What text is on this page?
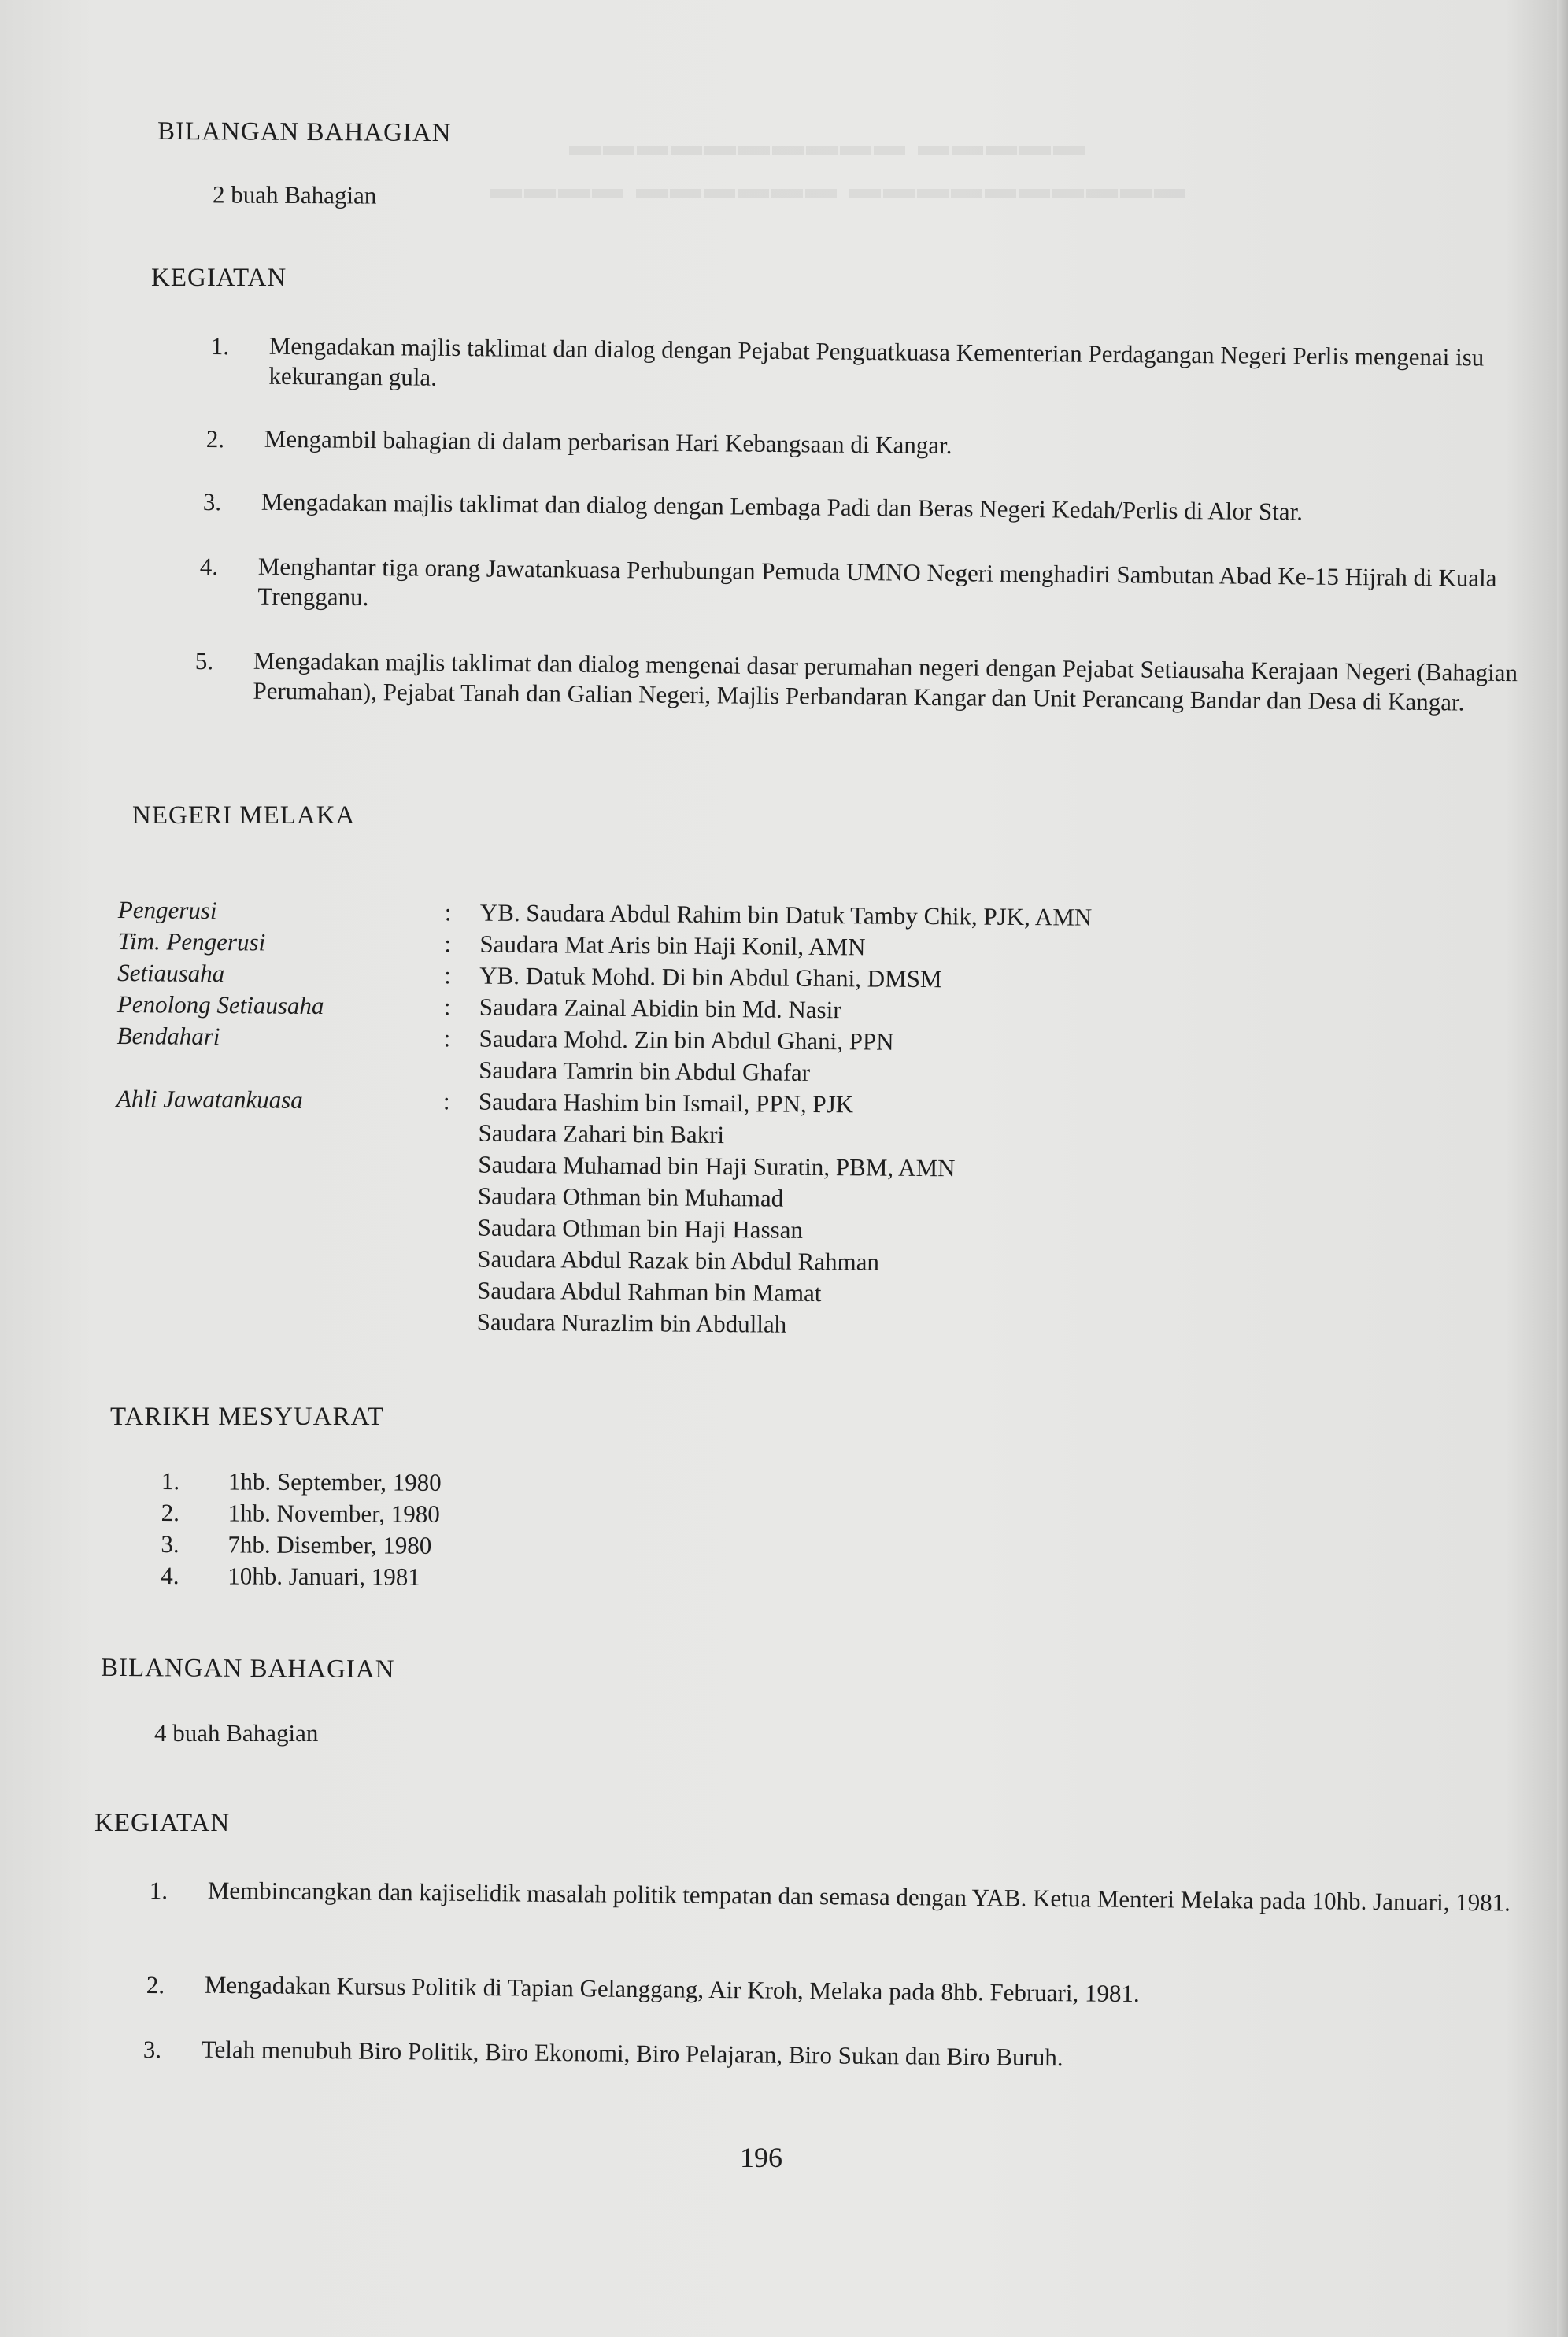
▬▬▬▬▬ ▬▬▬▬▬▬▬▬▬▬
▬▬▬▬▬▬▬▬▬▬ ▬▬▬▬▬▬ ▬▬▬▬
BILANGAN BAHAGIAN
2 buah Bahagian
KEGIATAN
1. Mengadakan majlis taklimat dan dialog dengan Pejabat Penguatkuasa Kementerian Perdagangan Negeri Perlis mengenai isu kekurangan gula.
2. Mengambil bahagian di dalam perbarisan Hari Kebangsaan di Kangar.
3. Mengadakan majlis taklimat dan dialog dengan Lembaga Padi dan Beras Negeri Kedah/Perlis di Alor Star.
4. Menghantar tiga orang Jawatankuasa Perhubungan Pemuda UMNO Negeri menghadiri Sambutan Abad Ke-15 Hijrah di Kuala Trengganu.
5. Mengadakan majlis taklimat dan dialog mengenai dasar perumahan negeri dengan Pejabat Setiausaha Kerajaan Negeri (Bahagian Perumahan), Pejabat Tanah dan Galian Negeri, Majlis Perbandaran Kangar dan Unit Perancang Bandar dan Desa di Kangar.
NEGERI MELAKA
Pengerusi	: YB. Saudara Abdul Rahim bin Datuk Tamby Chik, PJK, AMN
Tim. Pengerusi	: Saudara Mat Aris bin Haji Konil, AMN
Setiausaha	: YB. Datuk Mohd. Di bin Abdul Ghani, DMSM
Penolong Setiausaha	: Saudara Zainal Abidin bin Md. Nasir
Bendahari	: Saudara Mohd. Zin bin Abdul Ghani, PPN
Saudara Tamrin bin Abdul Ghafar
Ahli Jawatankuasa	: Saudara Hashim bin Ismail, PPN, PJK
Saudara Zahari bin Bakri
Saudara Muhamad bin Haji Suratin, PBM, AMN
Saudara Othman bin Muhamad
Saudara Othman bin Haji Hassan
Saudara Abdul Razak bin Abdul Rahman
Saudara Abdul Rahman bin Mamat
Saudara Nurazlim bin Abdullah
TARIKH MESYUARAT
1. 1hb. September, 1980
2. 1hb. November, 1980
3. 7hb. Disember, 1980
4. 10hb. Januari, 1981
BILANGAN BAHAGIAN
4 buah Bahagian
KEGIATAN
1. Membincangkan dan kajiselidik masalah politik tempatan dan semasa dengan YAB. Ketua Menteri Melaka pada 10hb. Januari, 1981.
2. Mengadakan Kursus Politik di Tapian Gelanggang, Air Kroh, Melaka pada 8hb. Februari, 1981.
3. Telah menubuh Biro Politik, Biro Ekonomi, Biro Pelajaran, Biro Sukan dan Biro Buruh.
196
